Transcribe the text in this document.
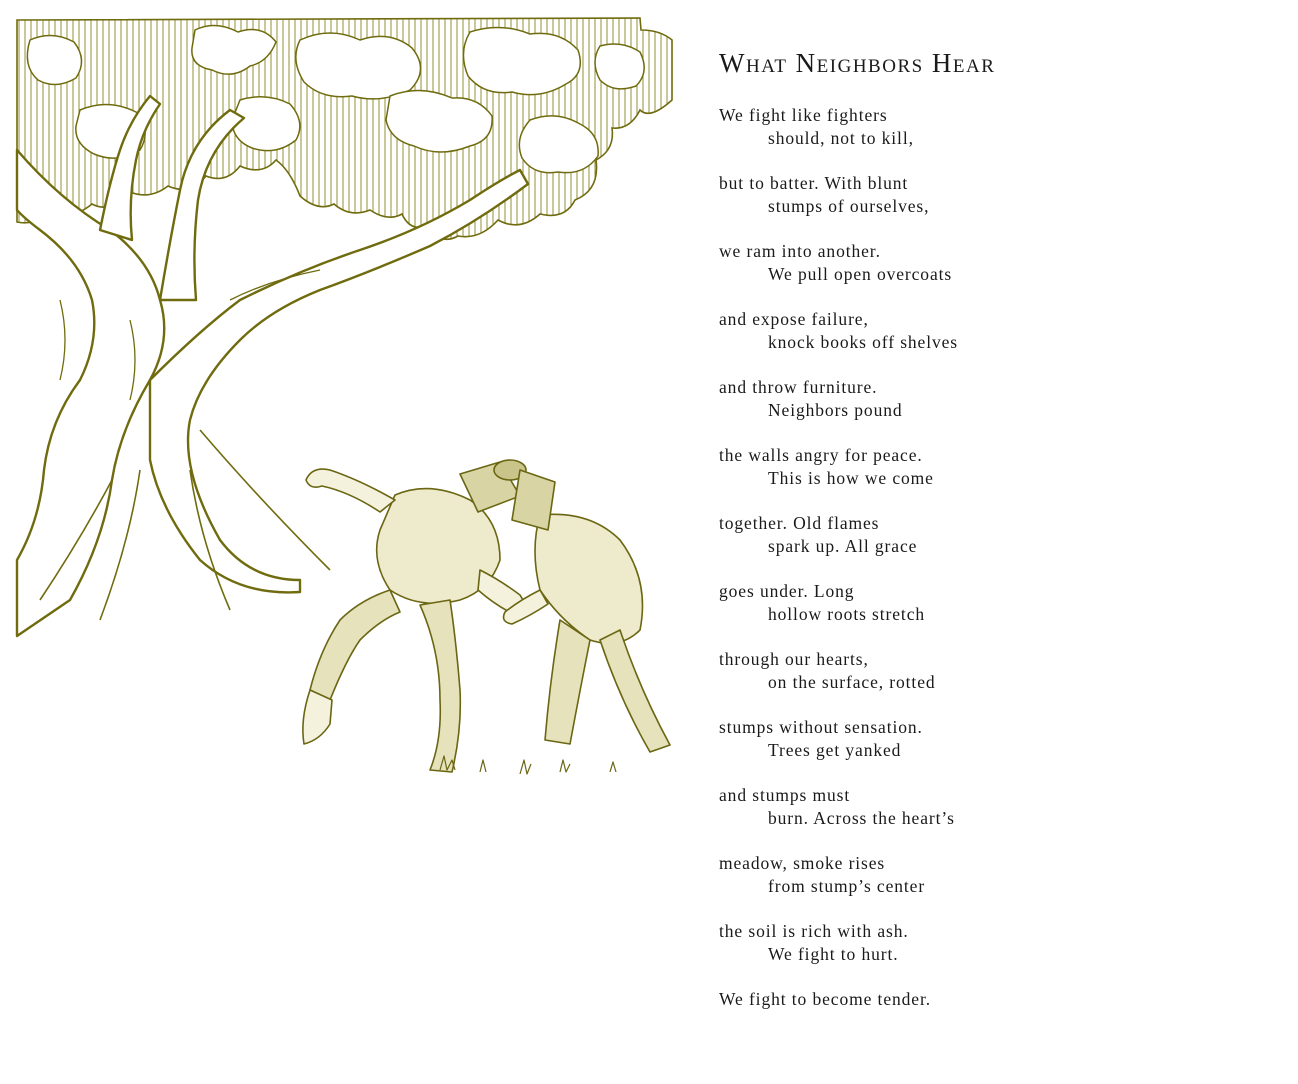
What Neighbors Hear
We fight like fighters
should, not to kill,
but to batter. With blunt
stumps of ourselves,
we ram into another.
We pull open overcoats
and expose failure,
knock books off shelves
and throw furniture.
Neighbors pound
the walls angry for peace.
This is how we come
together. Old flames
spark up. All grace
goes under. Long
hollow roots stretch
through our hearts,
on the surface, rotted
stumps without sensation.
Trees get yanked
and stumps must
burn. Across the heart’s
meadow, smoke rises
from stump’s center
the soil is rich with ash.
We fight to hurt.
We fight to become tender.
